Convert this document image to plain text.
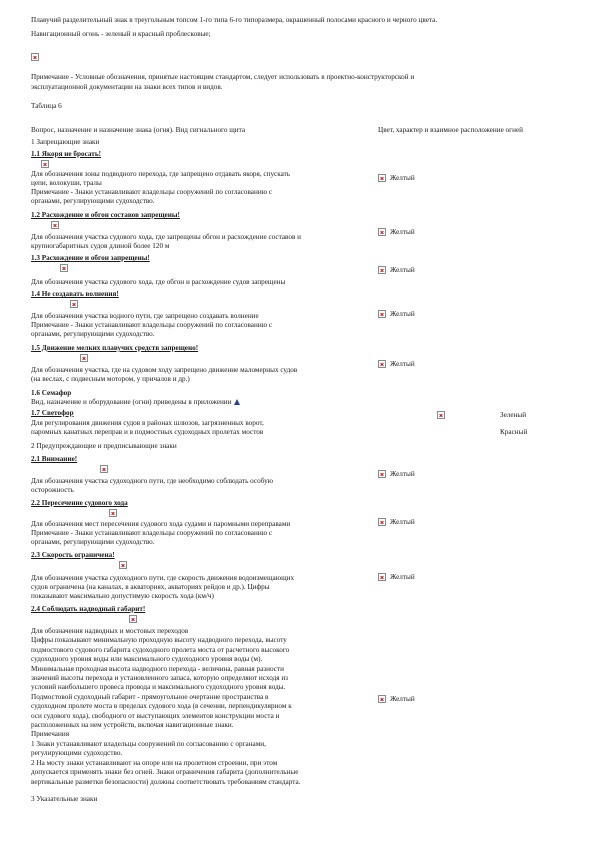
Плавучий разделительный знак в треугольным топсом 1-го типа 6-го типоразмера, окрашенный полосами красного и черного цвета.
Навигационный огонь - зеленый и красный проблесковые;

Примечание - Условные обозначения, принятые настоящим стандартом, следует использовать в проектно-конструкторской и
эксплуатационной документации на знаки всех типов и видов.
Таблица 6
Вопрос, назначение и назначение знака (огня). Вид сигнального щита	Цвет, характер и взаимное расположение огней
1 Запрещающие знаки
1.1 Якоря не бросать!

Для обозначения зоны подводного перехода, где запрещено отдавать якоря, спускать
цепи, волокуши, тралы
Примечание - Знаки устанавливают владельцы сооружений по согласованию с
органами, регулирующими судоходство.
Желтый
1.2 Расхождение и обгон составов запрещены!

Для обозначения участка судового хода, где запрещены обгон и расхождение составов и
крупногабаритных судов длиной более 120 м
Желтый
1.3 Расхождение и обгон запрещены!

Для обозначения участка судового хода, где обгон и расхождение судов запрещены
Желтый
1.4 Не создавать волнения!

Для обозначения участка водного пути, где запрещено создавать волнение
Примечание - Знаки устанавливают владельцы сооружений по согласованию с
органами, регулирующими судоходство.
Желтый
1.5 Движение мелких плавучих средств запрещено!

Для обозначения участка, где на судовом ходу запрещено движение маломерных судов
(на веслах, с подвесным мотором, у причалов и др.)
Желтый
1.6 Семафор
Вид, назначение и оборудование (огни) приведены в приложении
1.7 Светофор
Для регулирования движения судов в районах шлюзов, загрязненных ворот,
паромных канатных переправ и в подмостных судоходных пролетах мостов

Зеленый
Красный
2 Предупреждающие и предписывающие знаки
2.1 Внимание!

Для обозначения участка судоходного пути, где необходимо соблюдать особую
осторожность
Желтый
2.2 Пересечение судового хода

Для обозначения мест пересечения судового хода судами и паромными переправами
Примечание - Знаки устанавливают владельцы сооружений по согласованию с
органами, регулирующими судоходство.
Желтый
2.3 Скорость ограничена!

Для обозначения участка судоходного пути, где скорость движения водоизмещающих
судов ограничена (на каналах, в акваториях, акваториях рейдов и др.). Цифры
показывают максимально допустимую скорость хода (км/ч)
Желтый
2.4 Соблюдать надводный габарит!
Для обозначения надводных и мостовых переходов
Цифры показывают минимальную проходную высоту надводного перехода, высоту
подмостового судового габарита судоходного пролета моста от расчетного высокого
судоходного уровня воды или максимального судоходного уровня воды (м).
Минимальная проходная высота надводного перехода - величина, равная разности
значений высоты перехода и установленного запаса, которую определяют исходя из
условий наибольшего провеса провода и максимального судоходного уровня воды.
Подмостовой судоходный габарит - прямоугольное очертание пространства в
судоходном пролете моста в пределах судового хода (в сечении, перпендикулярном к
оси судового хода), свободного от выступающих элементов конструкции моста и
расположенных на нем устройств, включая навигационные знаки.
Примечания
1 Знаки устанавливают владельцы сооружений по согласованию с органами,
регулирующими судоходство.
2 На мосту знаки устанавливают на опоре или на пролетном строении, при этом
допускается применять знаки без огней. Знаки ограничения габарита (дополнительные
вертикальные разметки безопасности) должны соответствовать требованиям стандарта.
Желтый
3 Указательные знаки
